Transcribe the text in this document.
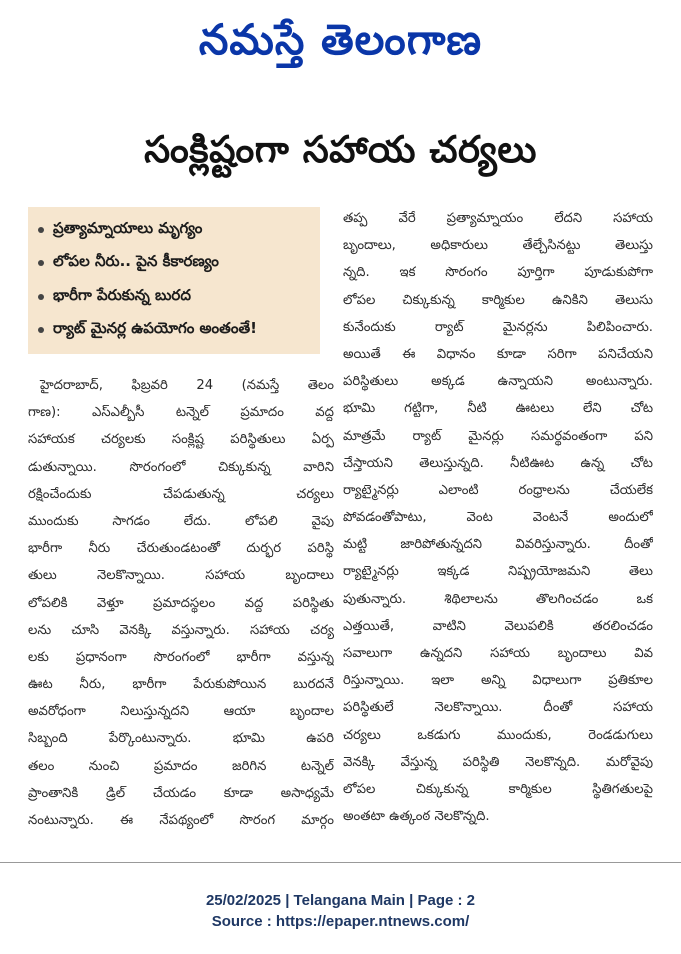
నమస్తే తెలంగాణ
సంక్లిష్టంగా సహాయ చర్యలు
ప్రత్యామ్నాయాలు మృగ్యం
లోపల నీరు.. పైన కీకారణ్యం
భారీగా పేరుకున్న బురద
ర్యాట్ మైనర్ల ఉపయోగం అంతంతే!
హైదరాబాద్, ఫిబ్రవరి 24 (నమస్తే తెలం
గాణ): ఎస్ఎల్బీసీ టన్నెల్ ప్రమాదం వద్ద
సహాయక చర్యలకు సంక్లిష్ట పరిస్థితులు ఏర్ప
డుతున్నాయి. సొరంగంలో చిక్కుకున్న వారిని
రక్షించేందుకు చేపడుతున్న చర్యలు
ముందుకు సాగడం లేదు. లోపలి వైపు
భారీగా నీరు చేరుతుండటంతో దుర్భర పరిస్థి
తులు నెలకొన్నాయి. సహాయ బృందాలు
లోపలికి వెళ్తూ ప్రమాదస్థలం వద్ద పరిస్థితు
లను చూసి వెనక్కి వస్తున్నారు. సహాయ చర్య
లకు ప్రధానంగా సొరంగంలో భారీగా వస్తున్న
ఊట నీరు, భారీగా పేరుకుపోయిన బురదనే
అవరోధంగా నిలుస్తున్నదని ఆయా బృందాల
సిబ్బంది పేర్కొంటున్నారు. భూమి ఉపరి
తలం నుంచి ప్రమాదం జరిగిన టన్నెల్
ప్రాంతానికి డ్రిల్ చేయడం కూడా అసాధ్యమే
నంటున్నారు. ఈ నేపథ్యంలో సొరంగ మార్గం
తప్ప వేరే ప్రత్యామ్నాయం లేదని సహాయ
బృందాలు, అధికారులు తేల్చేసినట్టు తెలుస్తు
న్నది. ఇక సొరంగం పూర్తిగా పూడుకుపోగా
లోపల చిక్కుకున్న కార్మికుల ఉనికిని తెలుసు
కునేందుకు ర్యాట్ మైనర్లను పిలిపించారు.
అయితే ఈ విధానం కూడా సరిగా పనిచేయని
పరిస్థితులు అక్కడ ఉన్నాయని అంటున్నారు.
భూమి గట్టిగా, నీటి ఊటలు లేని చోట
మాత్రమే ర్యాట్ మైనర్లు సమర్థవంతంగా పని
చేస్తాయని తెలుస్తున్నది. నీటిఊట ఉన్న చోట
ర్యాట్మైనర్లు ఎలాంటి రంధ్రాలను చేయలేక
పోవడంతోపాటు, వెంట వెంటనే అందులో
మట్టి జారిపోతున్నదని వివరిస్తున్నారు. దీంతో
ర్యాట్మైనర్లు ఇక్కడ నిష్ప్రయోజమని తెలు
పుతున్నారు. శిథిలాలను తొలగించడం ఒక
ఎత్తయితే, వాటిని వెలుపలికి తరలించడం
సవాలుగా ఉన్నదని సహాయ బృందాలు వివ
రిస్తున్నాయి. ఇలా అన్ని విధాలుగా ప్రతికూల
పరిస్థితులే నెలకొన్నాయి. దీంతో సహాయ
చర్యలు ఒకడుగు ముందుకు, రెండడుగులు
వెనక్కి వేస్తున్న పరిస్థితి నెలకొన్నది. మరోవైపు
లోపల చిక్కుకున్న కార్మికుల స్థితిగతులపై
అంతటా ఉత్కంఠ నెలకొన్నది.
25/02/2025 | Telangana Main | Page : 2
Source : https://epaper.ntnews.com/
